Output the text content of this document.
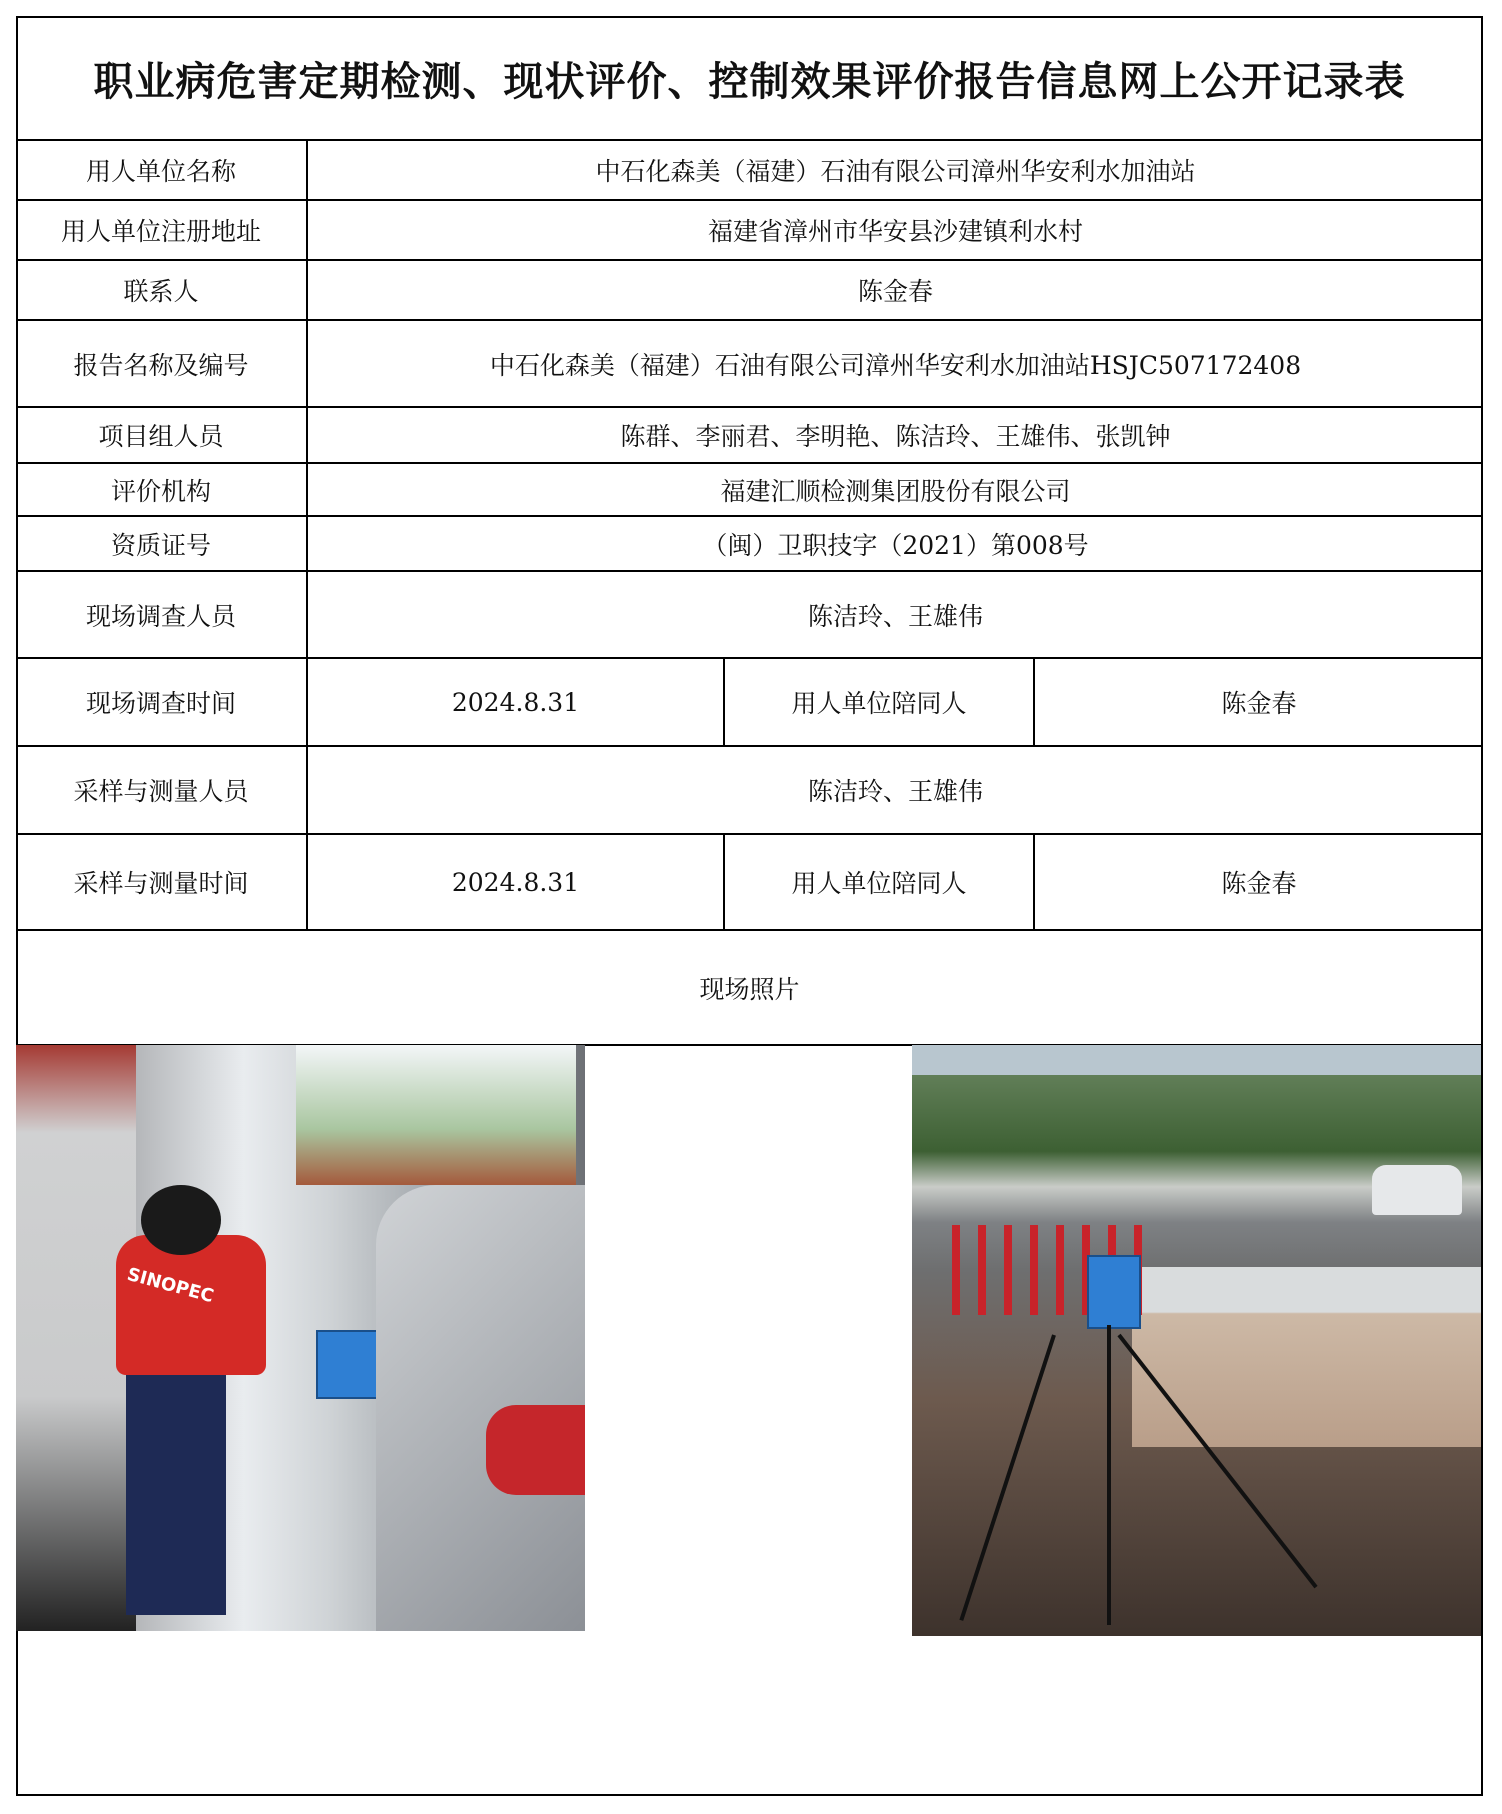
职业病危害定期检测、现状评价、控制效果评价报告信息网上公开记录表
用人单位名称	中石化森美（福建）石油有限公司漳州华安利水加油站
用人单位注册地址	福建省漳州市华安县沙建镇利水村
联系人	陈金春
报告名称及编号	中石化森美（福建）石油有限公司漳州华安利水加油站HSJC507172408
项目组人员	陈群、李丽君、李明艳、陈洁玲、王雄伟、张凯钟
评价机构	福建汇顺检测集团股份有限公司
资质证号	（闽）卫职技字（2021）第008号
现场调查人员	陈洁玲、王雄伟
现场调查时间	2024.8.31	用人单位陪同人	陈金春
采样与测量人员	陈洁玲、王雄伟
采样与测量时间	2024.8.31	用人单位陪同人	陈金春
现场照片
SINOPEC
